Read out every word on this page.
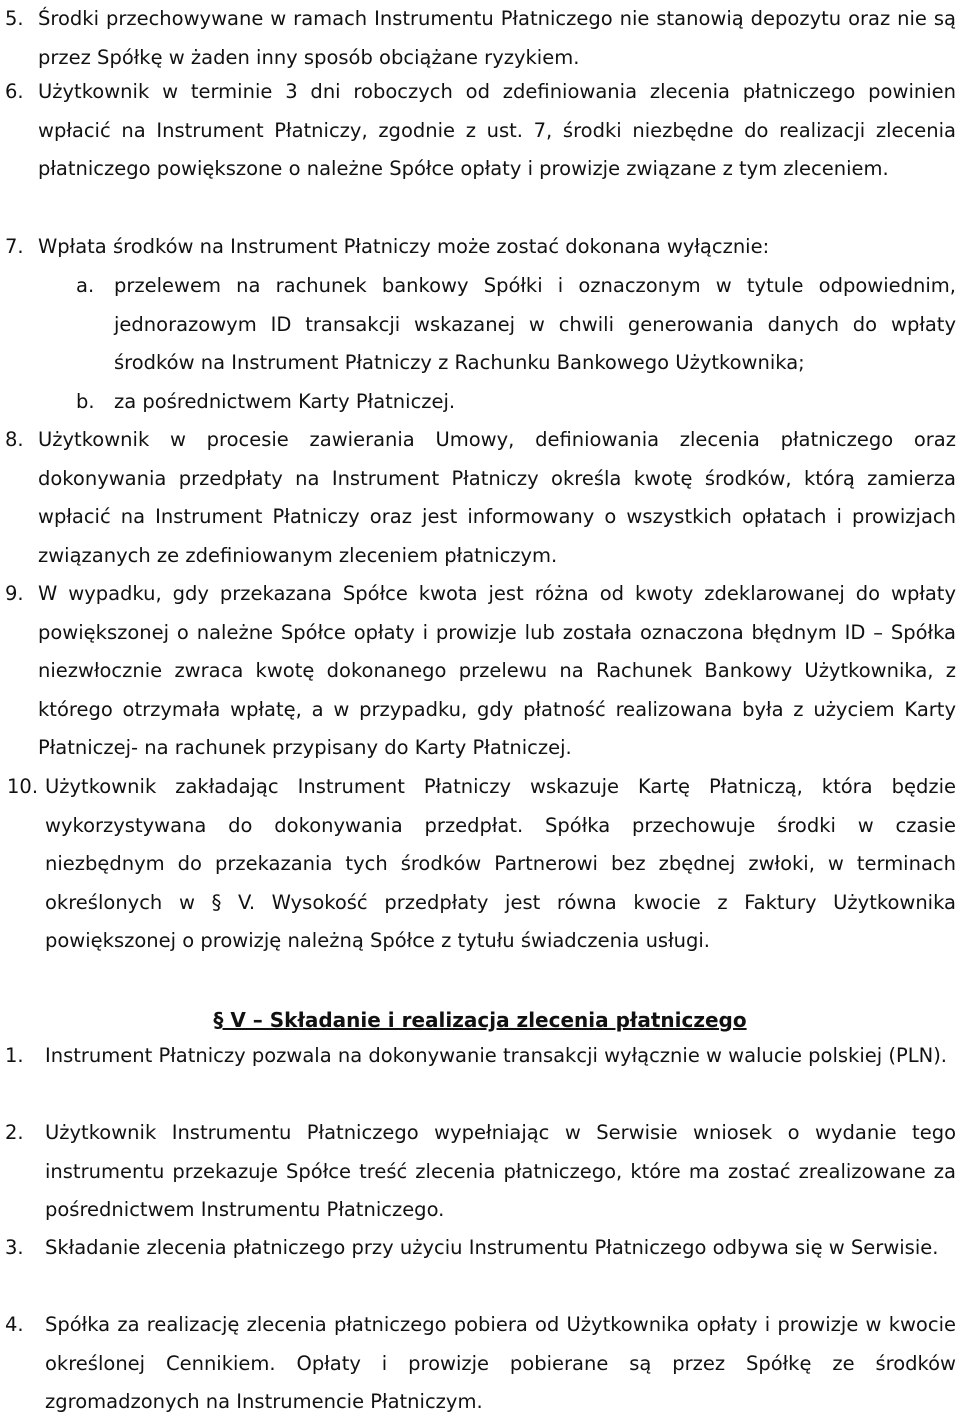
5. Środki przechowywane w ramach Instrumentu Płatniczego nie stanowią depozytu oraz nie są przez Spółkę w żaden inny sposób obciążane ryzykiem.
6. Użytkownik w terminie 3 dni roboczych od zdefiniowania zlecenia płatniczego powinien wpłacić na Instrument Płatniczy, zgodnie z ust. 7, środki niezbędne do realizacji zlecenia płatniczego powiększone o należne Spółce opłaty i prowizje związane z tym zleceniem.
7. Wpłata środków na Instrument Płatniczy może zostać dokonana wyłącznie:
a. przelewem na rachunek bankowy Spółki i oznaczonym w tytule odpowiednim, jednorazowym ID transakcji wskazanej w chwili generowania danych do wpłaty środków na Instrument Płatniczy z Rachunku Bankowego Użytkownika;
b. za pośrednictwem Karty Płatniczej.
8. Użytkownik w procesie zawierania Umowy, definiowania zlecenia płatniczego oraz dokonywania przedpłaty na Instrument Płatniczy określa kwotę środków, którą zamierza wpłacić na Instrument Płatniczy oraz jest informowany o wszystkich opłatach i prowizjach związanych ze zdefiniowanym zleceniem płatniczym.
9. W wypadku, gdy przekazana Spółce kwota jest różna od kwoty zdeklarowanej do wpłaty powiększonej o należne Spółce opłaty i prowizje lub została oznaczona błędnym ID – Spółka niezwłocznie zwraca kwotę dokonanego przelewu na Rachunek Bankowy Użytkownika, z którego otrzymała wpłatę, a w przypadku, gdy płatność realizowana była z użyciem Karty Płatniczej- na rachunek przypisany do Karty Płatniczej.
10. Użytkownik zakładając Instrument Płatniczy wskazuje Kartę Płatniczą, która będzie wykorzystywana do dokonywania przedpłat. Spółka przechowuje środki w czasie niezbędnym do przekazania tych środków Partnerowi bez zbędnej zwłoki, w terminach określonych w § V. Wysokość przedpłaty jest równa kwocie z Faktury Użytkownika powiększonej o prowizję należną Spółce z tytułu świadczenia usługi.
§ V – Składanie i realizacja zlecenia płatniczego
1. Instrument Płatniczy pozwala na dokonywanie transakcji wyłącznie w walucie polskiej (PLN).
2. Użytkownik Instrumentu Płatniczego wypełniając w Serwisie wniosek o wydanie tego instrumentu przekazuje Spółce treść zlecenia płatniczego, które ma zostać zrealizowane za pośrednictwem Instrumentu Płatniczego.
3. Składanie zlecenia płatniczego przy użyciu Instrumentu Płatniczego odbywa się w Serwisie.
4. Spółka za realizację zlecenia płatniczego pobiera od Użytkownika opłaty i prowizje w kwocie określonej Cennikiem. Opłaty i prowizje pobierane są przez Spółkę ze środków zgromadzonych na Instrumencie Płatniczym.
